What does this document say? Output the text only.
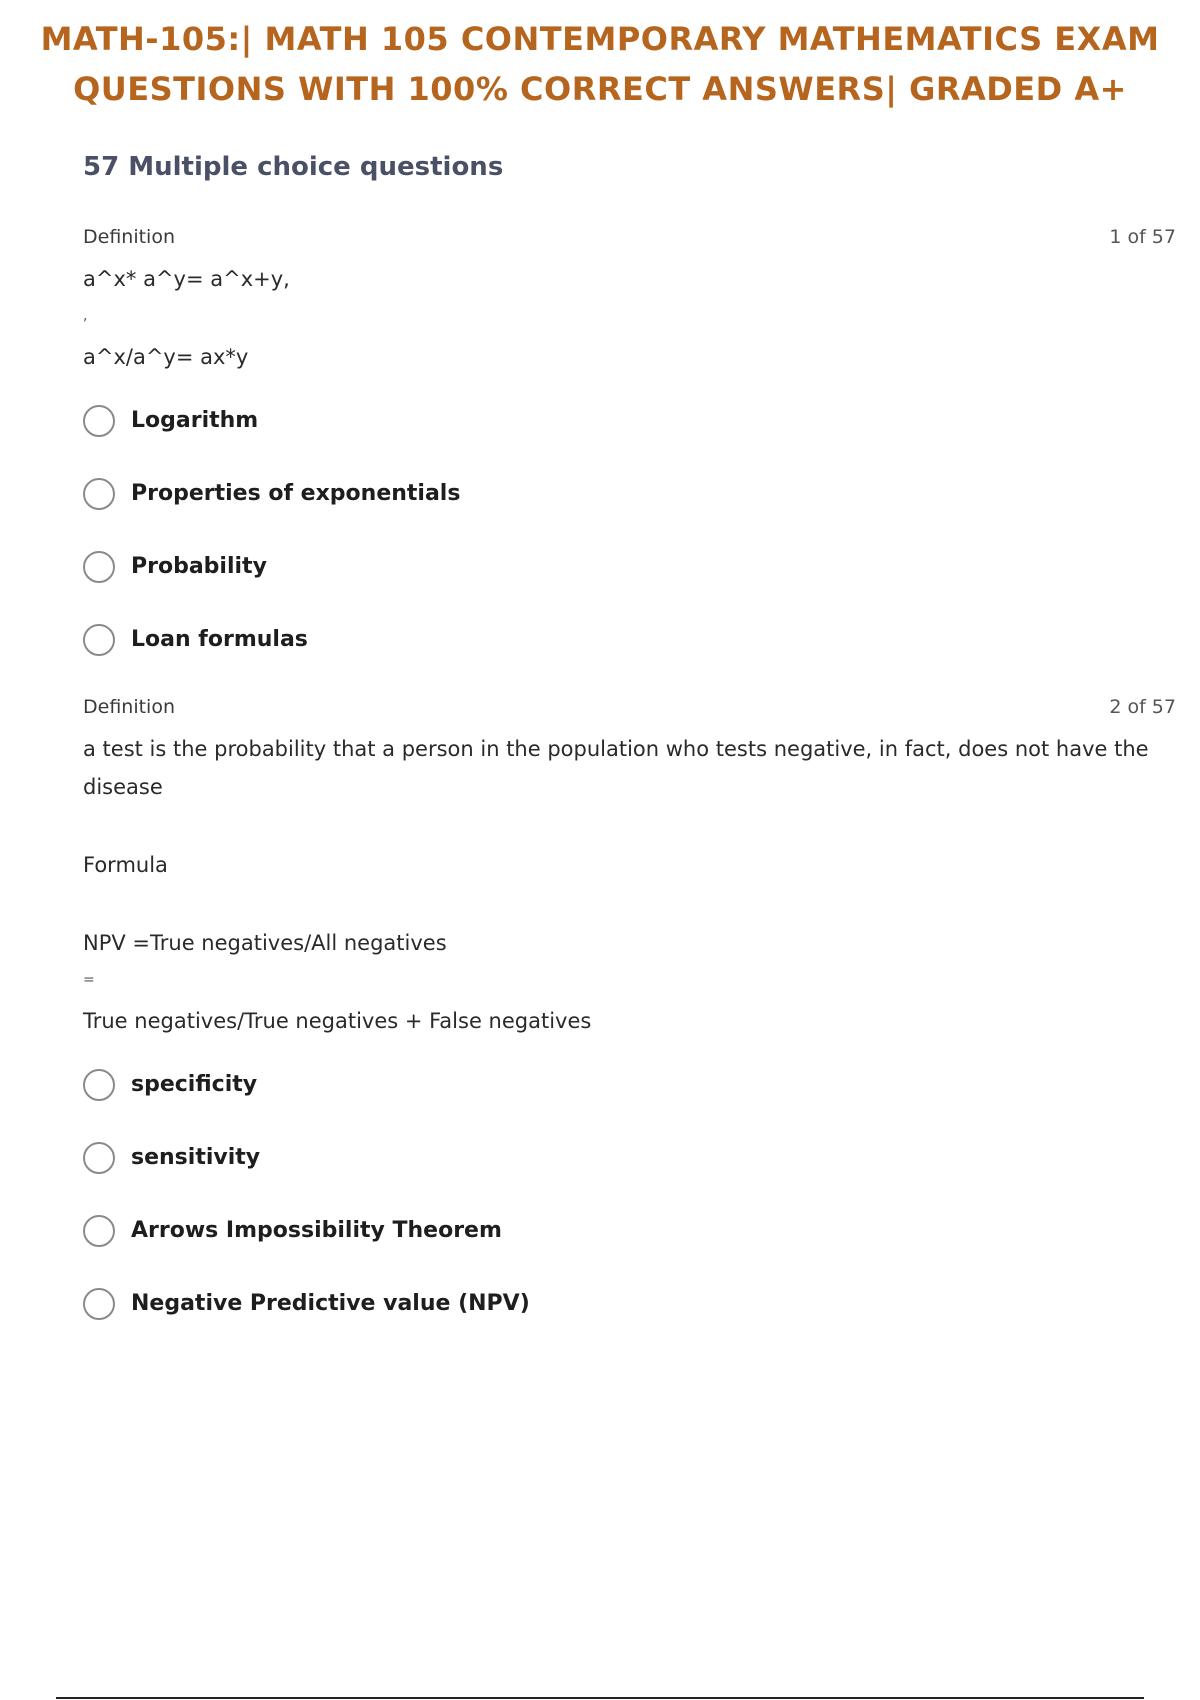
MATH-105:| MATH 105 CONTEMPORARY MATHEMATICS EXAM
QUESTIONS WITH 100% CORRECT ANSWERS| GRADED A+
57 Multiple choice questions
Definition	1 of 57
a^x* a^y= a^x+y,
,
a^x/a^y= ax*y
Logarithm
Properties of exponentials
Probability
Loan formulas
Definition	2 of 57
a test is the probability that a person in the population who tests negative, in fact, does not have the disease
Formula
NPV =True negatives/All negatives
=
True negatives/True negatives + False negatives
specificity
sensitivity
Arrows Impossibility Theorem
Negative Predictive value (NPV)
